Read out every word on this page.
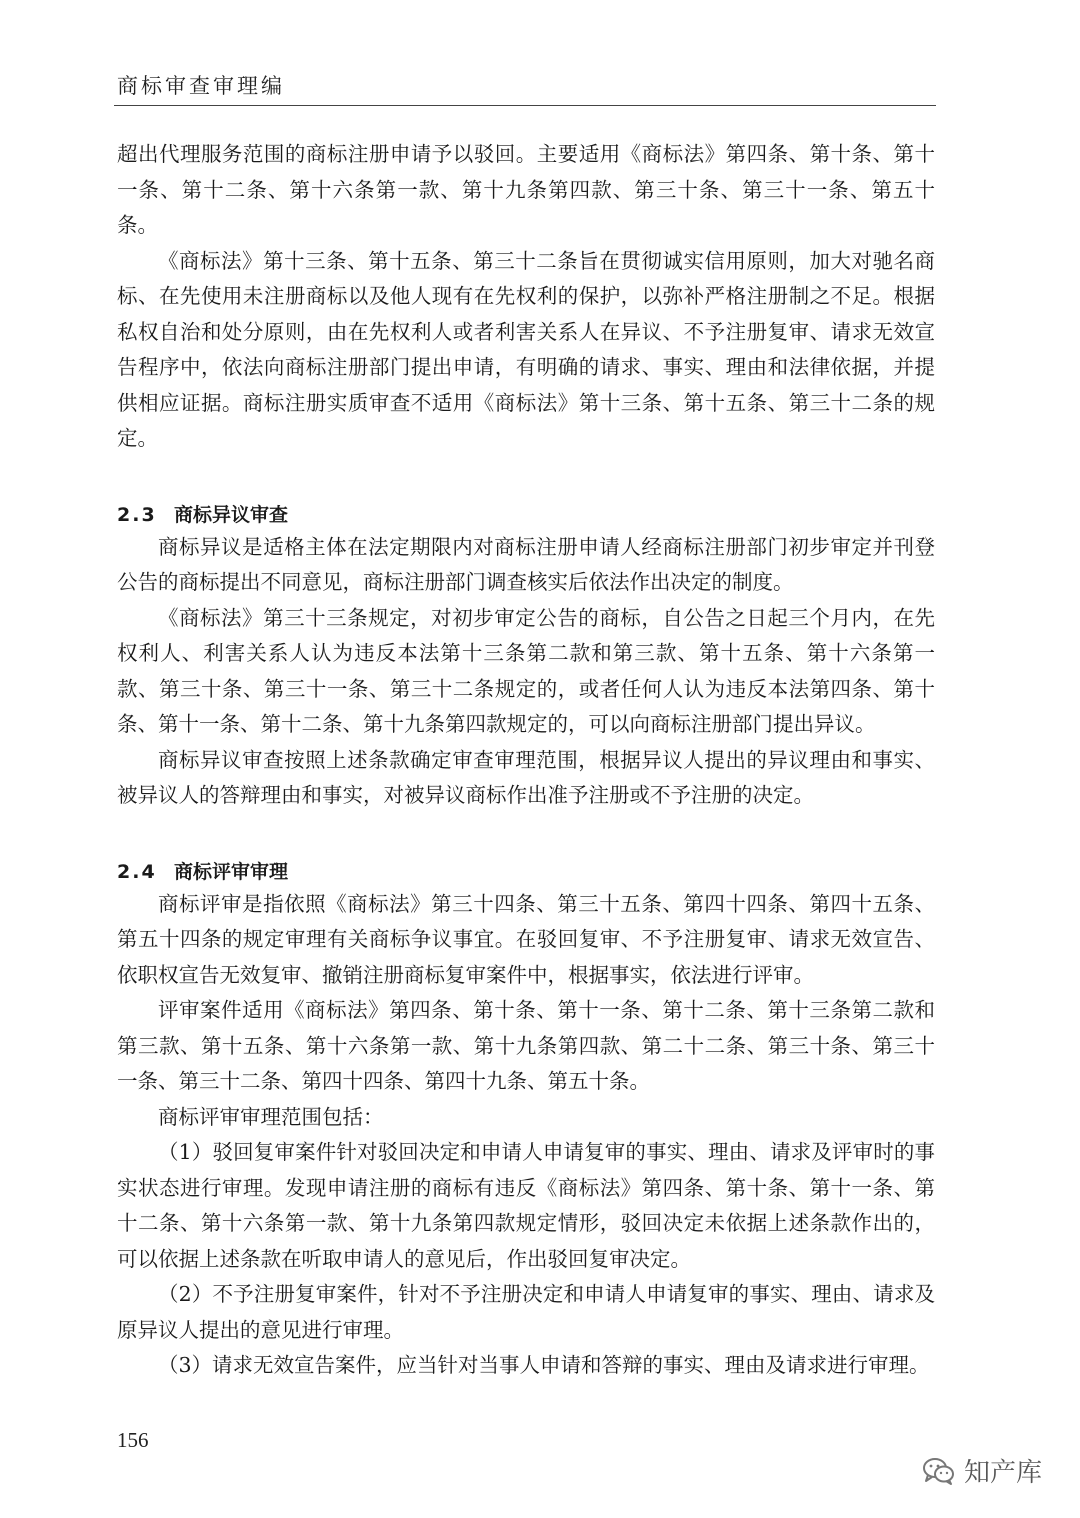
商标审查审理编

超出代理服务范围的商标注册申请予以驳回。主要适用《商标法》第四条、第十条、第十一条、第十二条、第十六条第一款、第十九条第四款、第三十条、第三十一条、第五十条。

《商标法》第十三条、第十五条、第三十二条旨在贯彻诚实信用原则，加大对驰名商标、在先使用未注册商标以及他人现有在先权利的保护，以弥补严格注册制之不足。根据私权自治和处分原则，由在先权利人或者利害关系人在异议、不予注册复审、请求无效宣告程序中，依法向商标注册部门提出申请，有明确的请求、事实、理由和法律依据，并提供相应证据。商标注册实质审查不适用《商标法》第十三条、第十五条、第三十二条的规定。

2.3 商标异议审查

商标异议是适格主体在法定期限内对商标注册申请人经商标注册部门初步审定并刊登公告的商标提出不同意见，商标注册部门调查核实后依法作出决定的制度。

《商标法》第三十三条规定，对初步审定公告的商标，自公告之日起三个月内，在先权利人、利害关系人认为违反本法第十三条第二款和第三款、第十五条、第十六条第一款、第三十条、第三十一条、第三十二条规定的，或者任何人认为违反本法第四条、第十条、第十一条、第十二条、第十九条第四款规定的，可以向商标注册部门提出异议。

商标异议审查按照上述条款确定审查审理范围，根据异议人提出的异议理由和事实、被异议人的答辩理由和事实，对被异议商标作出准予注册或不予注册的决定。

2.4 商标评审审理

商标评审是指依照《商标法》第三十四条、第三十五条、第四十四条、第四十五条、第五十四条的规定审理有关商标争议事宜。在驳回复审、不予注册复审、请求无效宣告、依职权宣告无效复审、撤销注册商标复审案件中，根据事实，依法进行评审。

评审案件适用《商标法》第四条、第十条、第十一条、第十二条、第十三条第二款和第三款、第十五条、第十六条第一款、第十九条第四款、第二十二条、第三十条、第三十一条、第三十二条、第四十四条、第四十九条、第五十条。

商标评审审理范围包括：

（1）驳回复审案件针对驳回决定和申请人申请复审的事实、理由、请求及评审时的事实状态进行审理。发现申请注册的商标有违反《商标法》第四条、第十条、第十一条、第十二条、第十六条第一款、第十九条第四款规定情形，驳回决定未依据上述条款作出的，可以依据上述条款在听取申请人的意见后，作出驳回复审决定。

（2）不予注册复审案件，针对不予注册决定和申请人申请复审的事实、理由、请求及原异议人提出的意见进行审理。

（3）请求无效宣告案件，应当针对当事人申请和答辩的事实、理由及请求进行审理。

156
知产库
